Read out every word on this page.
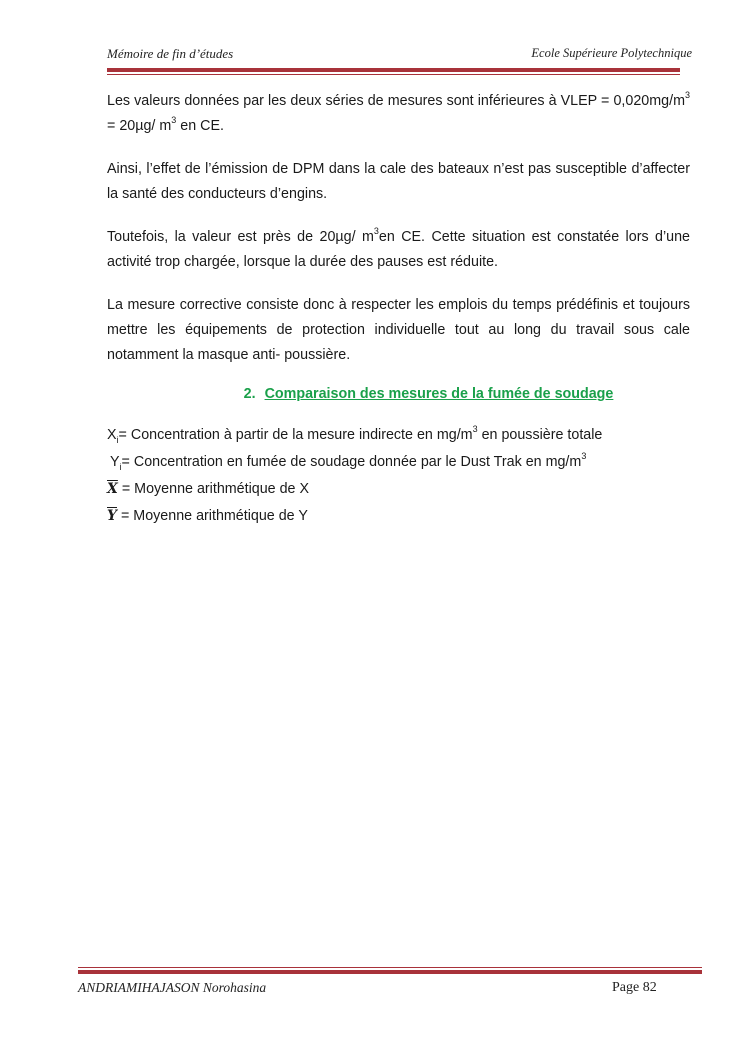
Mémoire de fin d’études	Ecole Supérieure Polytechnique

Les valeurs données par les deux séries de mesures sont inférieures à VLEP = $0,020mg/m^3 = 20\mu g/$ $m^3$ en CE.

Ainsi, l’effet de l’émission de DPM dans la cale des bateaux n’est pas susceptible d’affecter la santé des conducteurs d’engins.

Toutefois, la valeur est près de 20µg/ $m^3en$ CE. Cette situation est constatée lors d’une activité trop chargée, lorsque la durée des pauses est réduite.

La mesure corrective consiste donc à respecter les emplois du temps prédéfinis et toujours mettre les équipements de protection individuelle tout au long du travail sous cale notamment la masque anti- poussière.

2. Comparaison des mesures de la fumée de soudage

$X_i=$ Concentration à partir de la mesure indirecte en $mg/m^3$ en poussière totale

$Y_i=$ Concentration en fumée de soudage donnée par le Dust Trak en $mg/m^3$

$\overline{X}$ = Moyenne arithmétique de X

$\overline{Y}$ = Moyenne arithmétique de Y

ANDRIAMIHAJASON Norohasina	Page 82
